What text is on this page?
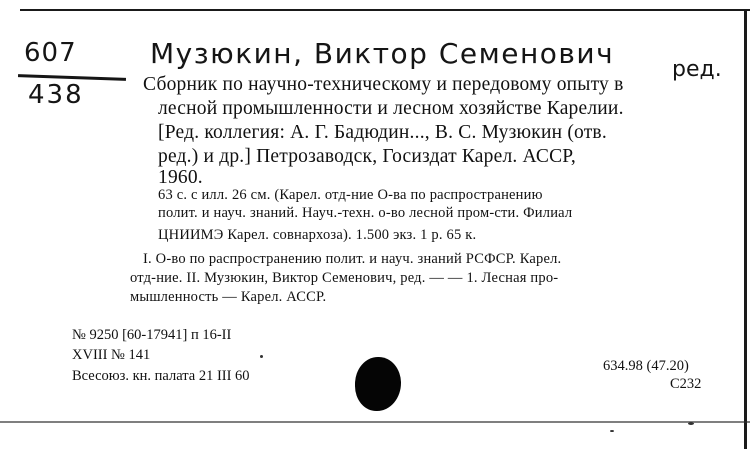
607
438
Музюкин, Виктор Семенович	ред.
Сборник по научно-техническому и передовому опыту в
лесной промышленности и лесном хозяйстве Карелии.
[Ред. коллегия: А. Г. Бадюдин..., В. С. Музюкин (отв.
ред.) и др.] Петрозаводск, Госиздат Карел. АССР,
1960.
63 с. с илл. 26 см. (Карел. отд-ние О-ва по распространению
полит. и науч. знаний. Науч.-техн. о-во лесной пром-сти. Филиал
ЦНИИМЭ Карел. совнархоза). 1.500 экз. 1 р. 65 к.
I. О-во по распространению полит. и науч. знаний РСФСР. Карел.
отд-ние. II. Музюкин, Виктор Семенович, ред. — — 1. Лесная про-
мышленность — Карел. АССР.
№ 9250 [60-17941] п 16-II
XVIII № 141
Всесоюз. кн. палата 21 III 60
634.98 (47.20)
С232
